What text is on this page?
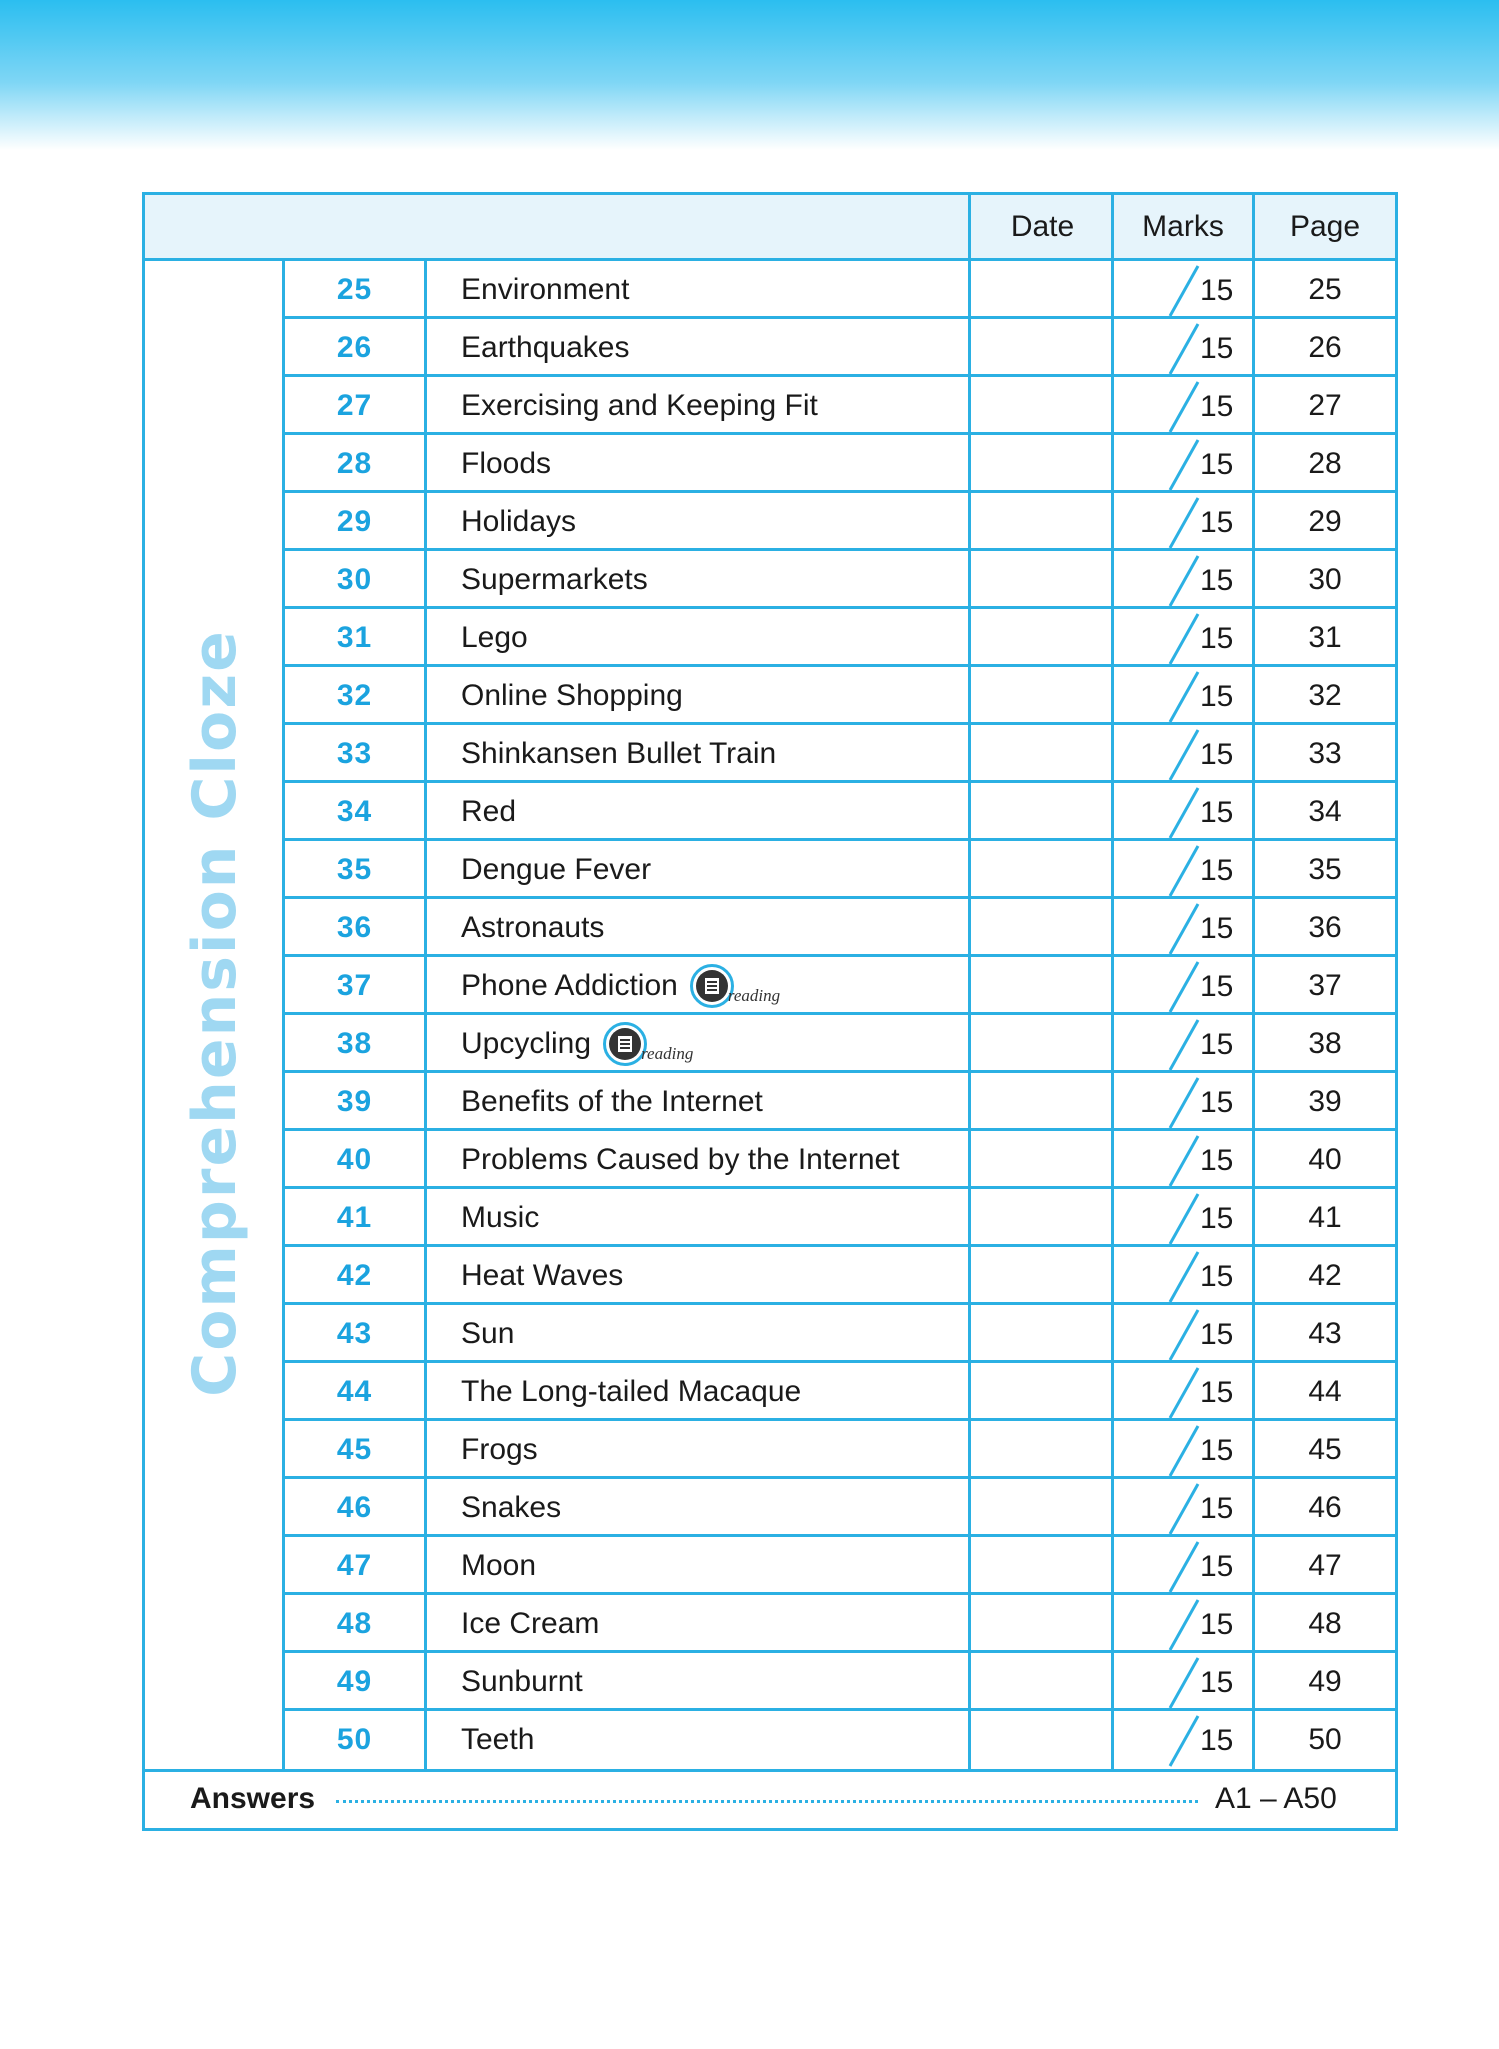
Date	Marks	Page
Comprehension Cloze
25	Environment	15	25
26	Earthquakes	15	26
27	Exercising and Keeping Fit	15	27
28	Floods	15	28
29	Holidays	15	29
30	Supermarkets	15	30
31	Lego	15	31
32	Online Shopping	15	32
33	Shinkansen Bullet Train	15	33
34	Red	15	34
35	Dengue Fever	15	35
36	Astronauts	15	36
37	Phone Addiction	reading	15	37
38	Upcycling	reading	15	38
39	Benefits of the Internet	15	39
40	Problems Caused by the Internet	15	40
41	Music	15	41
42	Heat Waves	15	42
43	Sun	15	43
44	The Long-tailed Macaque	15	44
45	Frogs	15	45
46	Snakes	15	46
47	Moon	15	47
48	Ice Cream	15	48
49	Sunburnt	15	49
50	Teeth	15	50
Answers	A1 – A50
